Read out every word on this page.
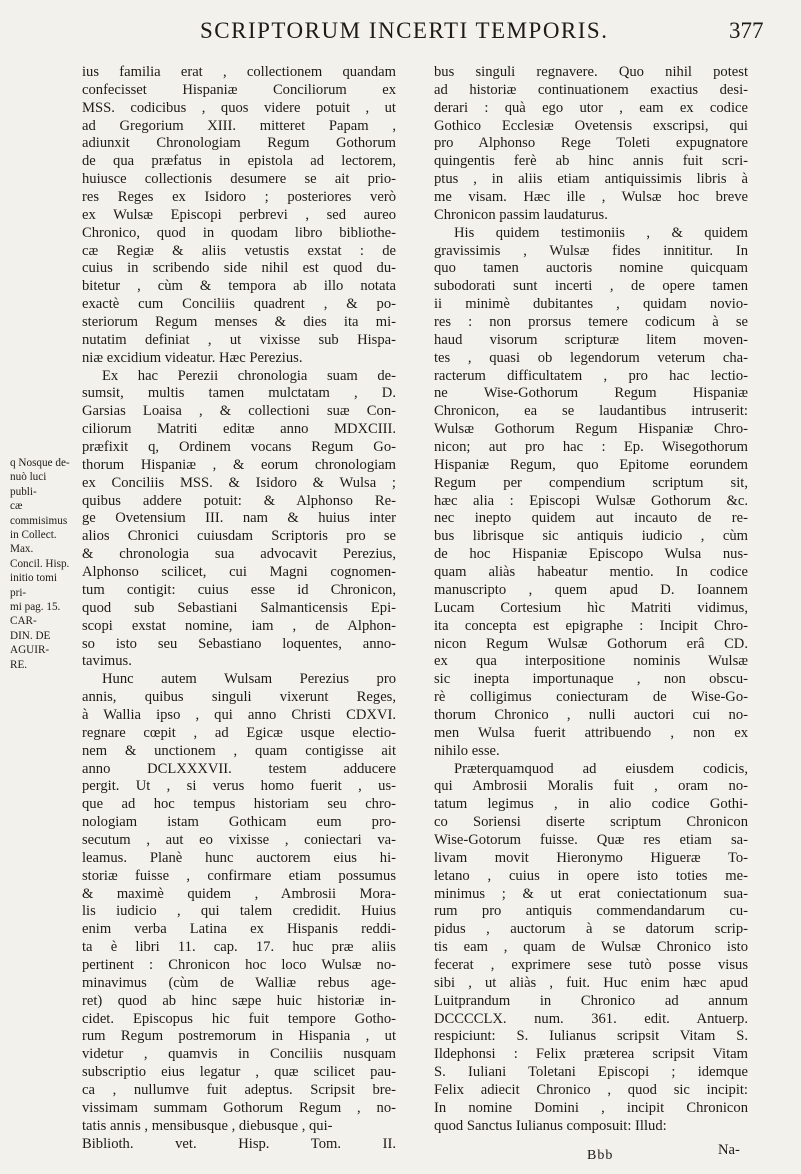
SCRIPTORUM INCERTI TEMPORIS.	377

q Nosque de-

nuò luci publi-

cæ commisimus

in Collect. Max.

Concil. Hisp.

initio tomi pri-

mi pag. 15. CAR-

DIN. DE AGUIR-

RE.

ius familia erat , collectionem quandam

confecisset Hispaniæ Conciliorum ex

MSS. codicibus , quos videre potuit , ut

ad Gregorium XIII. mitteret Papam ,

adiunxit Chronologiam Regum Gothorum

de qua præfatus in epistola ad lectorem,

huiusce collectionis desumere se ait prio-

res Reges ex Isidoro ; posteriores verò

ex Wulsæ Episcopi perbrevi , sed aureo

Chronico, quod in quodam libro bibliothe-

cæ Regiæ & aliis vetustis exstat : de

cuius in scribendo side nihil est quod du-

bitetur , cùm & tempora ab illo notata

exactè cum Conciliis quadrent , & po-

steriorum Regum menses & dies ita mi-

nutatim definiat , ut vixisse sub Hispa-

niæ excidium videatur. Hæc Perezius.

Ex hac Perezii chronologia suam de-

sumsit, multis tamen mulctatam , D.

Garsias Loaisa , & collectioni suæ Con-

ciliorum Matriti editæ anno MDXCIII.

præfixit q, Ordinem vocans Regum Go-

thorum Hispaniæ , & eorum chronologiam

ex Conciliis MSS. & Isidoro & Wulsa ;

quibus addere potuit: & Alphonso Re-

ge Ovetensium III. nam & huius inter

alios Chronici cuiusdam Scriptoris pro se

& chronologia sua advocavit Perezius,

Alphonso scilicet, cui Magni cognomen-

tum contigit: cuius esse id Chronicon,

quod sub Sebastiani Salmanticensis Epi-

scopi exstat nomine, iam , de Alphon-

so isto seu Sebastiano loquentes, anno-

tavimus.

Hunc autem Wulsam Perezius pro

annis, quibus singuli vixerunt Reges,

à Wallia ipso , qui anno Christi CDXVI.

regnare cœpit , ad Egicæ usque electio-

nem & unctionem , quam contigisse ait

anno DCLXXXVII. testem adducere

pergit. Ut , si verus homo fuerit , us-

que ad hoc tempus historiam seu chro-

nologiam istam Gothicam eum pro-

secutum , aut eo vixisse , coniectari va-

leamus. Planè hunc auctorem eius hi-

storiæ fuisse , confirmare etiam possumus

& maximè quidem , Ambrosii Mora-

lis iudicio , qui talem credidit. Huius

enim verba Latina ex Hispanis reddi-

ta è libri 11. cap. 17. huc præ aliis

pertinent : Chronicon hoc loco Wulsæ no-

minavimus (cùm de Walliæ rebus age-

ret) quod ab hinc sæpe huic historiæ in-

cidet. Episcopus hic fuit tempore Gotho-

rum Regum postremorum in Hispania , ut

videtur , quamvis in Conciliis nusquam

subscriptio eius legatur , quæ scilicet pau-

ca , nullumve fuit adeptus. Scripsit bre-

vissimam summam Gothorum Regum , no-

tatis annis , mensibusque , diebusque , qui-

Biblioth. vet. Hisp. Tom. II.

bus singuli regnavere. Quo nihil potest

ad historiæ continuationem exactius desi-

derari : quà ego utor , eam ex codice

Gothico Ecclesiæ Ovetensis exscripsi, qui

pro Alphonso Rege Toleti expugnatore

quingentis ferè ab hinc annis fuit scri-

ptus , in aliis etiam antiquissimis libris à

me visam. Hæc ille , Wulsæ hoc breve

Chronicon passim laudaturus.

His quidem testimoniis , & quidem

gravissimis , Wulsæ fides innititur. In

quo tamen auctoris nomine quicquam

subodorati sunt incerti , de opere tamen

ii minimè dubitantes , quidam novio-

res : non prorsus temere codicum à se

haud visorum scripturæ litem moven-

tes , quasi ob legendorum veterum cha-

racterum difficultatem , pro hac lectio-

ne Wise-Gothorum Regum Hispaniæ

Chronicon, ea se laudantibus intruserit:

Wulsæ Gothorum Regum Hispaniæ Chro-

nicon; aut pro hac : Ep. Wisegothorum

Hispaniæ Regum, quo Epitome eorundem

Regum per compendium scriptum sit,

hæc alia : Episcopi Wulsæ Gothorum &c.

nec inepto quidem aut incauto de re-

bus librisque sic antiquis iudicio , cùm

de hoc Hispaniæ Episcopo Wulsa nus-

quam aliàs habeatur mentio. In codice

manuscripto , quem apud D. Ioannem

Lucam Cortesium hìc Matriti vidimus,

ita concepta est epigraphe : Incipit Chro-

nicon Regum Wulsæ Gothorum erâ CD.

ex qua interpositione nominis Wulsæ

sic inepta importunaque , non obscu-

rè colligimus coniecturam de Wise-Go-

thorum Chronico , nulli auctori cui no-

men Wulsa fuerit attribuendo , non ex

nihilo esse.

Præterquamquod ad eiusdem codicis,

qui Ambrosii Moralis fuit , oram no-

tatum legimus , in alio codice Gothi-

co Soriensi diserte scriptum Chronicon

Wise-Gotorum fuisse. Quæ res etiam sa-

livam movit Hieronymo Higueræ To-

letano , cuius in opere isto toties me-

minimus ; & ut erat coniectationum sua-

rum pro antiquis commendandarum cu-

pidus , auctorum à se datorum scrip-

tis eam , quam de Wulsæ Chronico isto

fecerat , exprimere sese tutò posse visus

sibi , ut aliàs , fuit. Huc enim hæc apud

Luitprandum in Chronico ad annum

DCCCCLX. num. 361. edit. Antuerp.

respiciunt: S. Iulianus scripsit Vitam S.

Ildephonsi : Felix præterea scripsit Vitam

S. Iuliani Toletani Episcopi ; idemque

Felix adiecit Chronico , quod sic incipit:

In nomine Domini , incipit Chronicon

quod Sanctus Iulianus composuit: Illud:

Bbb	Na-
